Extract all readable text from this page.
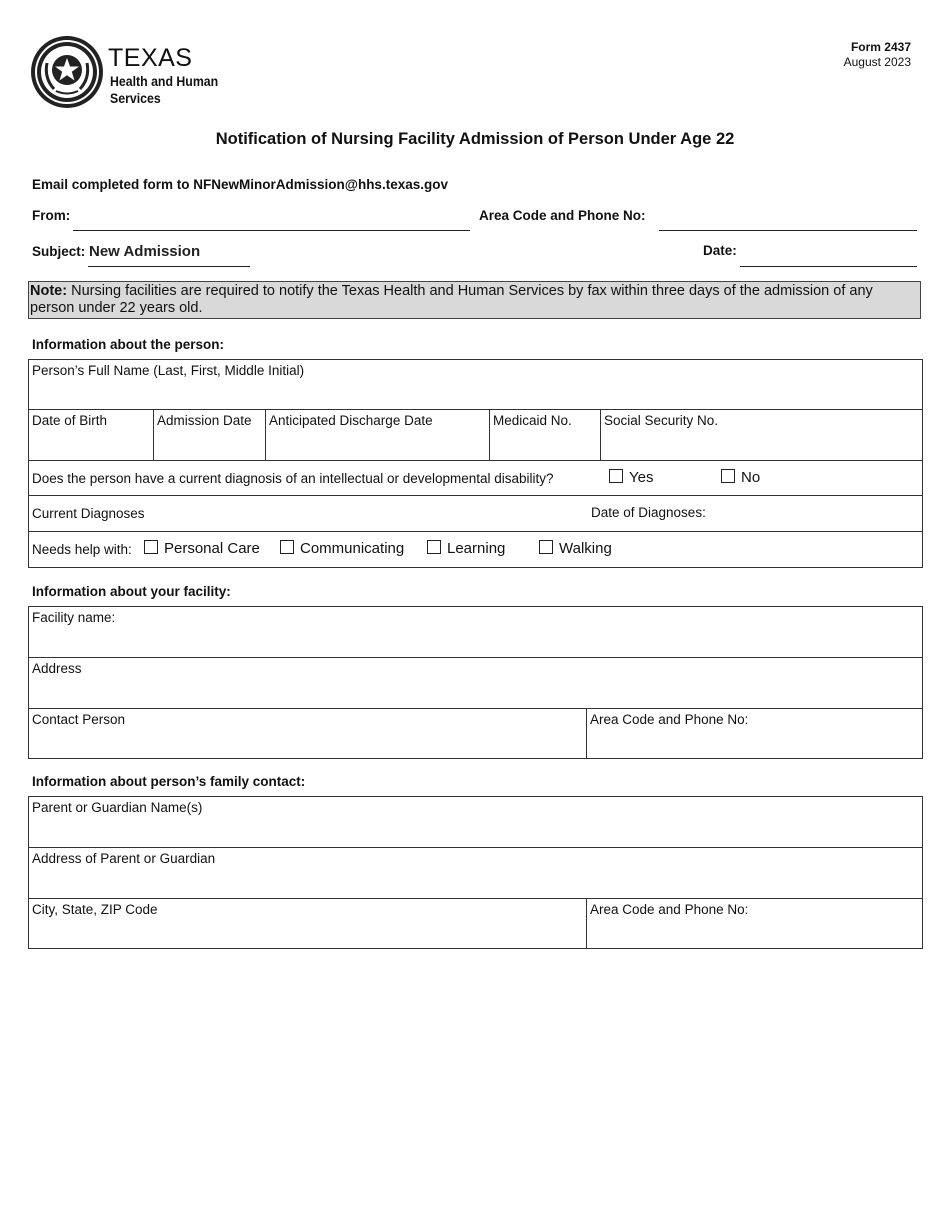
TEXAS
Health and Human
Services
Form 2437
August 2023
Notification of Nursing Facility Admission of Person Under Age 22
Email completed form to NFNewMinorAdmission@hhs.texas.gov
From:	Area Code and Phone No:
Subject: New Admission	Date:
Note: Nursing facilities are required to notify the Texas Health and Human Services by fax within three days of the admission of any person under 22 years old.
Information about the person:
Person’s Full Name (Last, First, Middle Initial)
Date of Birth	Admission Date	Anticipated Discharge Date	Medicaid No.	Social Security No.
Does the person have a current diagnosis of an intellectual or developmental disability?	Yes	No

Current Diagnoses	Date of Diagnoses:

Needs help with:	Personal Care	Communicating	Learning	Walking
Information about your facility:
Facility name:
Address
Contact Person	Area Code and Phone No:
Information about person’s family contact:
Parent or Guardian Name(s)
Address of Parent or Guardian
City, State, ZIP Code	Area Code and Phone No:
